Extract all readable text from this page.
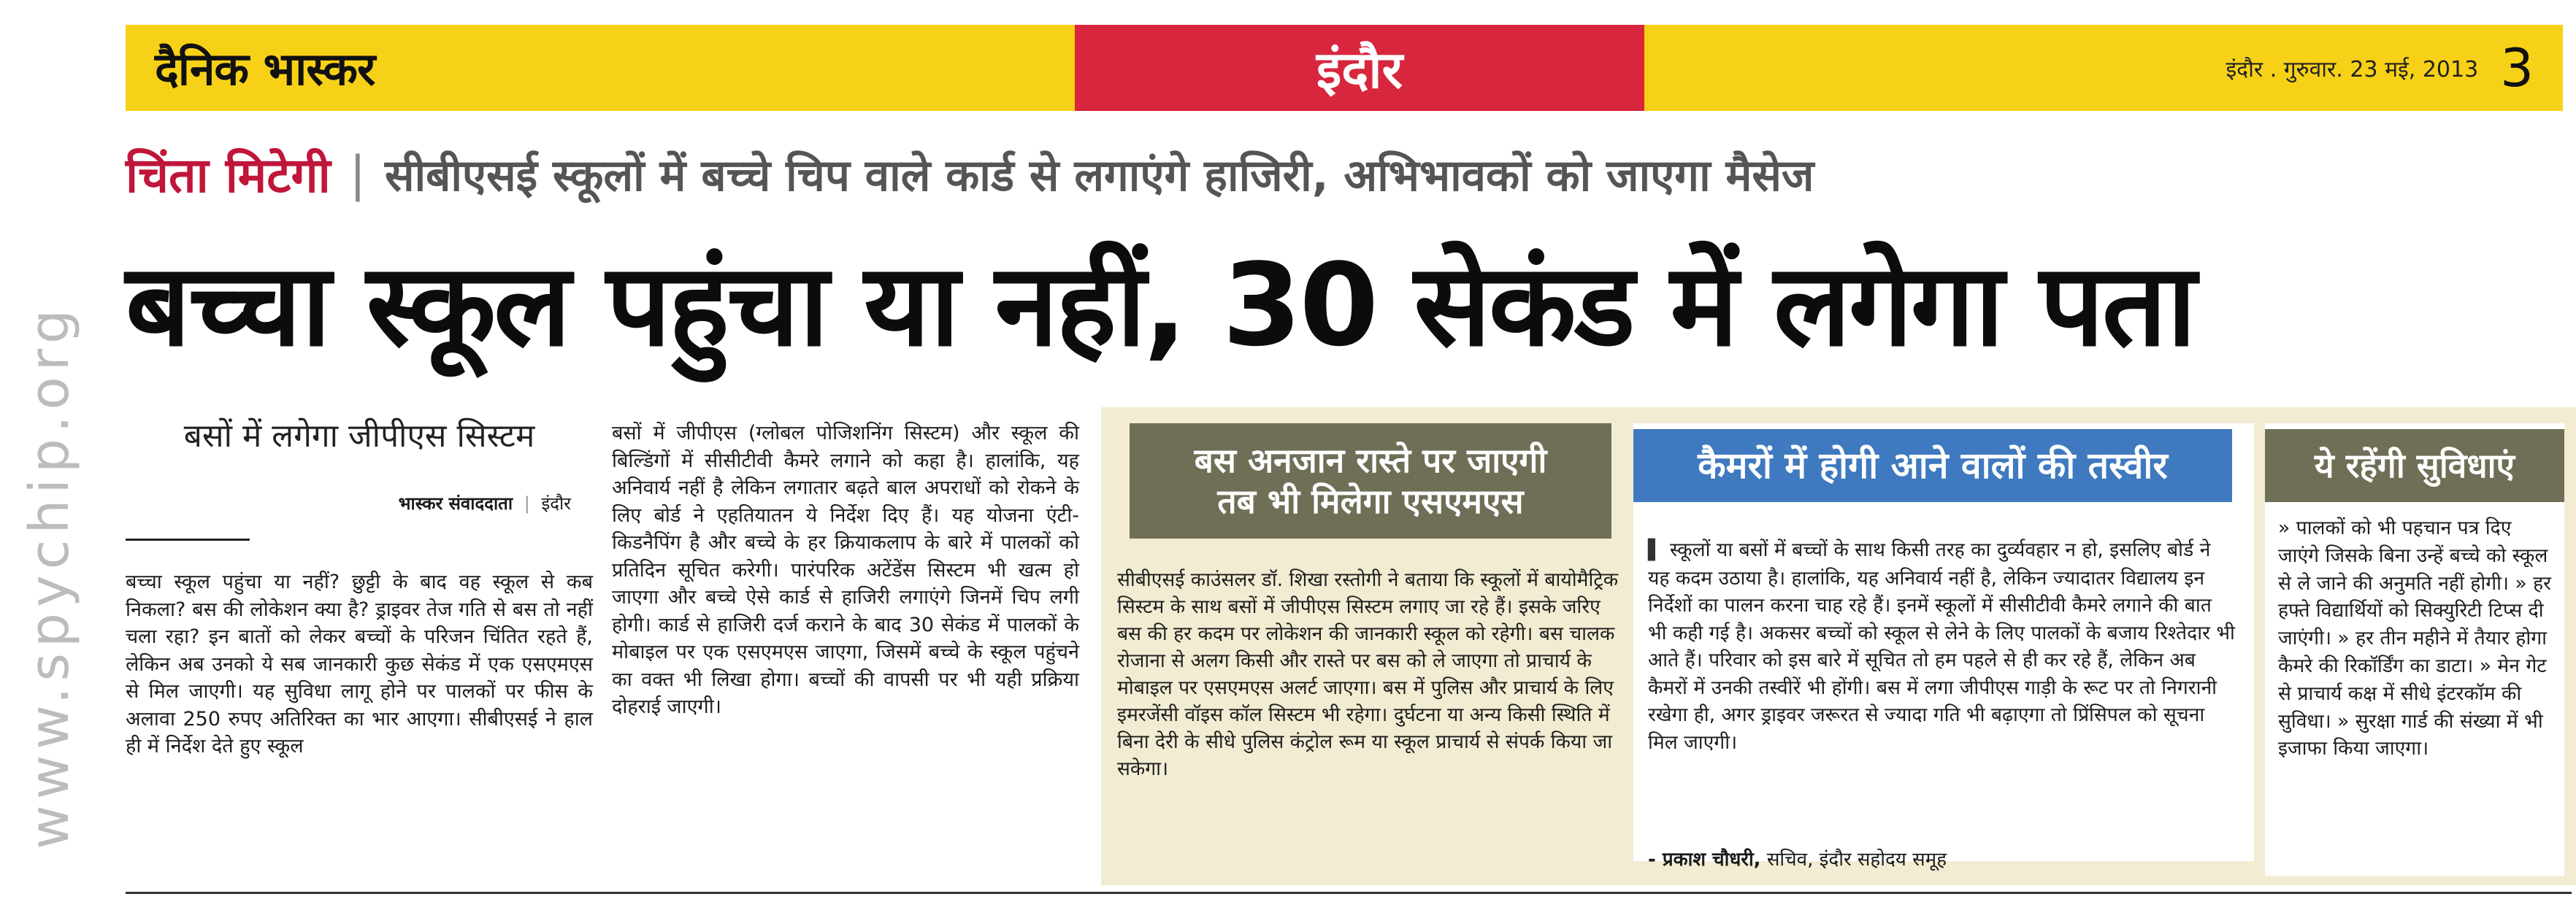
www.spychip.org
दैनिक भास्कर	इंदौर	इंदौर . गुरुवार. 23 मई, 2013 3
चिंता मिटेगी | सीबीएसई स्कूलों में बच्चे चिप वाले कार्ड से लगाएंगे हाजिरी, अभिभावकों को जाएगा मैसेज
बच्चा स्कूल पहुंचा या नहीं, 30 सेकंड में लगेगा पता
बसों में लगेगा जीपीएस सिस्टम
भास्कर संवाददाता | इंदौर

बच्चा स्कूल पहुंचा या नहीं? छुट्टी के बाद वह स्कूल से कब निकला? बस की लोकेशन क्या है? ड्राइवर तेज गति से बस तो नहीं चला रहा? इन बातों को लेकर बच्चों के परिजन चिंतित रहते हैं, लेकिन अब उनको ये सब जानकारी कुछ सेकंड में एक एसएमएस से मिल जाएगी। यह सुविधा लागू होने पर पालकों पर फीस के अलावा 250 रुपए अतिरिक्त का भार आएगा। सीबीएसई ने हाल ही में निर्देश देते हुए स्कूल

बसों में जीपीएस (ग्लोबल पोजिशनिंग सिस्टम) और स्कूल की बिल्डिंगों में सीसीटीवी कैमरे लगाने को कहा है। हालांकि, यह अनिवार्य नहीं है लेकिन लगातार बढ़ते बाल अपराधों को रोकने के लिए बोर्ड ने एहतियातन ये निर्देश दिए हैं। यह योजना एंटी-किडनैपिंग है और बच्चे के हर क्रियाकलाप के बारे में पालकों को प्रतिदिन सूचित करेगी। पारंपरिक अटेंडेंस सिस्टम भी खत्म हो जाएगा और बच्चे ऐसे कार्ड से हाजिरी लगाएंगे जिनमें चिप लगी होगी। कार्ड से हाजिरी दर्ज कराने के बाद 30 सेकंड में पालकों के मोबाइल पर एक एसएमएस जाएगा, जिसमें बच्चे के स्कूल पहुंचने का वक्त भी लिखा होगा। बच्चों की वापसी पर भी यही प्रक्रिया दोहराई जाएगी।

बस अनजान रास्ते पर जाएगी
तब भी मिलेगा एसएमएस

सीबीएसई काउंसलर डॉ. शिखा रस्तोगी ने बताया कि स्कूलों में बायोमैट्रिक सिस्टम के साथ बसों में जीपीएस सिस्टम लगाए जा रहे हैं। इसके जरिए बस की हर कदम पर लोकेशन की जानकारी स्कूल को रहेगी। बस चालक रोजाना से अलग किसी और रास्ते पर बस को ले जाएगा तो प्राचार्य के मोबाइल पर एसएमएस अलर्ट जाएगा। बस में पुलिस और प्राचार्य के लिए इमरजेंसी वॉइस कॉल सिस्टम भी रहेगा। दुर्घटना या अन्य किसी स्थिति में बिना देरी के सीधे पुलिस कंट्रोल रूम या स्कूल प्राचार्य से संपर्क किया जा सकेगा।

कैमरों में होगी आने वालों की तस्वीर

▌ स्कूलों या बसों में बच्चों के साथ किसी तरह का दुर्व्यवहार न हो, इसलिए बोर्ड ने यह कदम उठाया है। हालांकि, यह अनिवार्य नहीं है, लेकिन ज्यादातर विद्यालय इन निर्देशों का पालन करना चाह रहे हैं। इनमें स्कूलों में सीसीटीवी कैमरे लगाने की बात भी कही गई है। अकसर बच्चों को स्कूल से लेने के लिए पालकों के बजाय रिश्तेदार भी आते हैं। परिवार को इस बारे में सूचित तो हम पहले से ही कर रहे हैं, लेकिन अब कैमरों में उनकी तस्वीरें भी होंगी। बस में लगा जीपीएस गाड़ी के रूट पर तो निगरानी रखेगा ही, अगर ड्राइवर जरूरत से ज्यादा गति भी बढ़ाएगा तो प्रिंसिपल को सूचना मिल जाएगी।

- प्रकाश चौधरी, सचिव, इंदौर सहोदय समूह
ये रहेंगी सुविधाएं

» पालकों को भी पहचान पत्र दिए जाएंगे जिसके बिना उन्हें बच्चे को स्कूल से ले जाने की अनुमति नहीं होगी। » हर हफ्ते विद्यार्थियों को सिक्युरिटी टिप्स दी जाएंगी। » हर तीन महीने में तैयार होगा कैमरे की रिकॉर्डिंग का डाटा। » मेन गेट से प्राचार्य कक्ष में सीधे इंटरकॉम की सुविधा। » सुरक्षा गार्ड की संख्या में भी इजाफा किया जाएगा।
